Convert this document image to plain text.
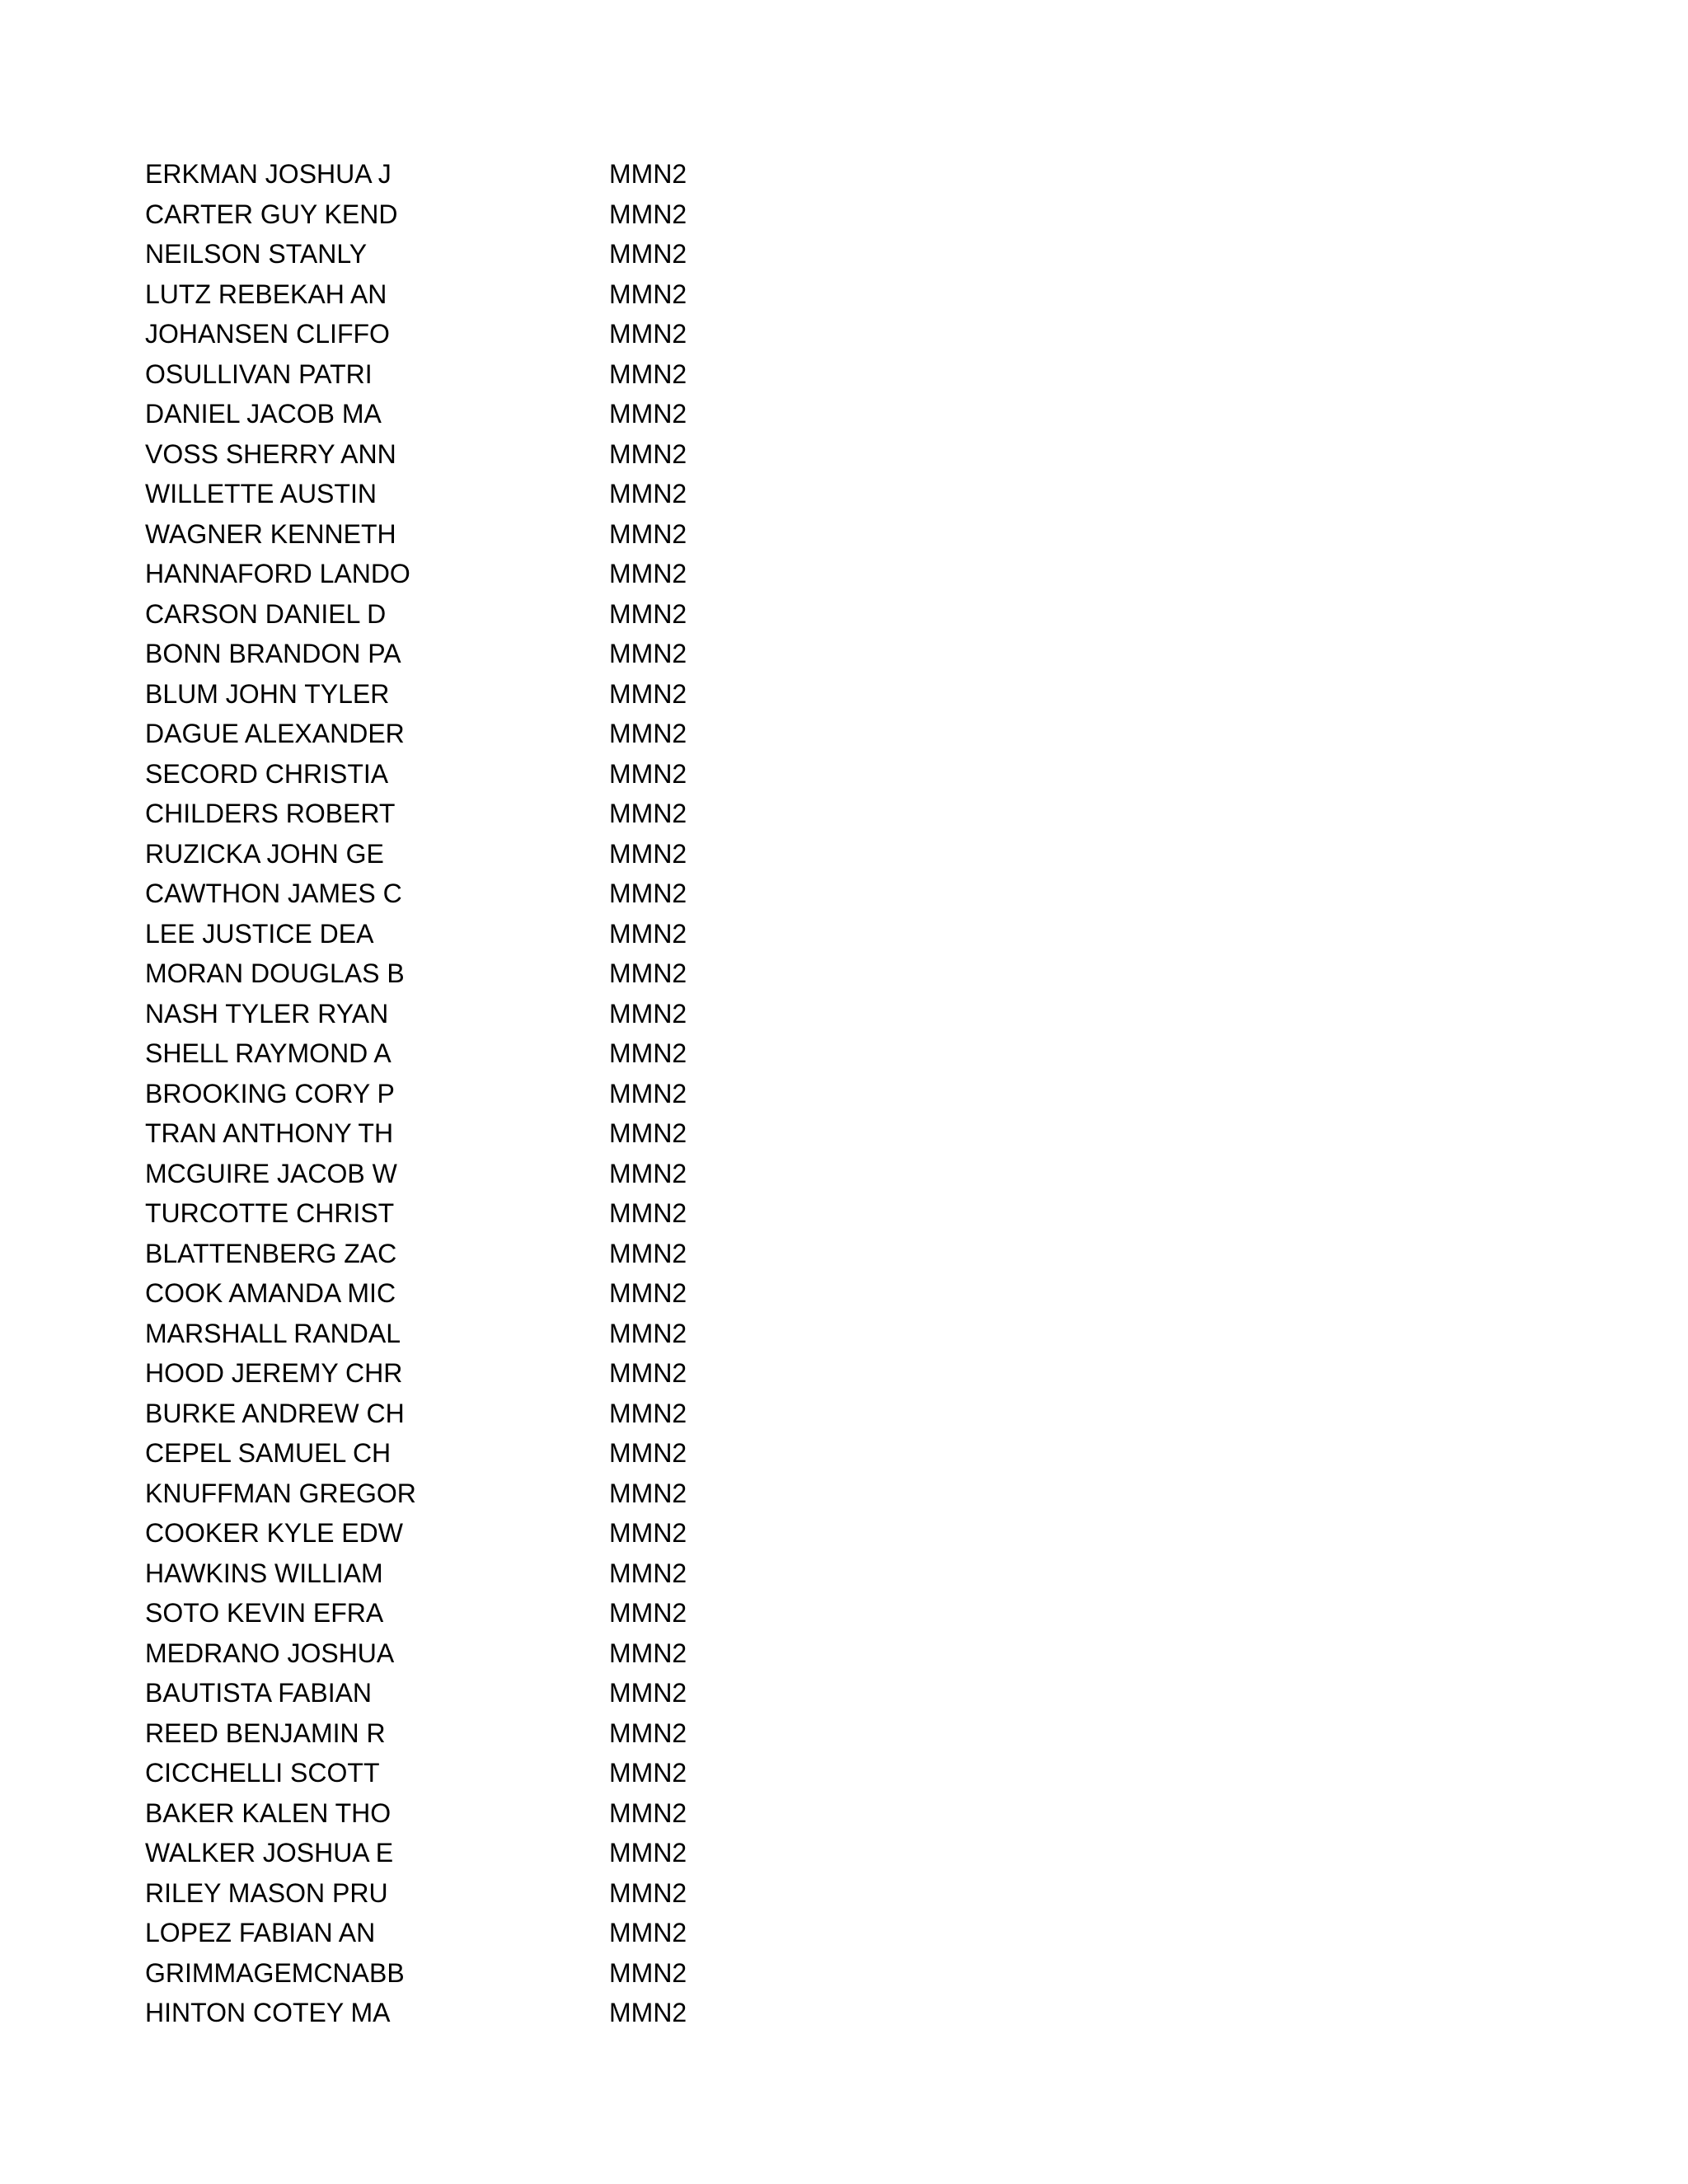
ERKMAN JOSHUA J	MMN2
CARTER GUY KEND	MMN2
NEILSON STANLY	MMN2
LUTZ REBEKAH AN	MMN2
JOHANSEN CLIFFO	MMN2
OSULLIVAN PATRI	MMN2
DANIEL JACOB MA	MMN2
VOSS SHERRY ANN	MMN2
WILLETTE AUSTIN	MMN2
WAGNER KENNETH	MMN2
HANNAFORD LANDO	MMN2
CARSON DANIEL D	MMN2
BONN BRANDON PA	MMN2
BLUM JOHN TYLER	MMN2
DAGUE ALEXANDER	MMN2
SECORD CHRISTIA	MMN2
CHILDERS ROBERT	MMN2
RUZICKA JOHN GE	MMN2
CAWTHON JAMES C	MMN2
LEE JUSTICE DEA	MMN2
MORAN DOUGLAS B	MMN2
NASH TYLER RYAN	MMN2
SHELL RAYMOND A	MMN2
BROOKING CORY P	MMN2
TRAN ANTHONY TH	MMN2
MCGUIRE JACOB W	MMN2
TURCOTTE CHRIST	MMN2
BLATTENBERG ZAC	MMN2
COOK AMANDA MIC	MMN2
MARSHALL RANDAL	MMN2
HOOD JEREMY CHR	MMN2
BURKE ANDREW CH	MMN2
CEPEL SAMUEL CH	MMN2
KNUFFMAN GREGOR	MMN2
COOKER KYLE EDW	MMN2
HAWKINS WILLIAM	MMN2
SOTO KEVIN EFRA	MMN2
MEDRANO JOSHUA	MMN2
BAUTISTA FABIAN	MMN2
REED BENJAMIN R	MMN2
CICCHELLI SCOTT	MMN2
BAKER KALEN THO	MMN2
WALKER JOSHUA E	MMN2
RILEY MASON PRU	MMN2
LOPEZ FABIAN AN	MMN2
GRIMMAGEMCNABB	MMN2
HINTON COTEY MA	MMN2
